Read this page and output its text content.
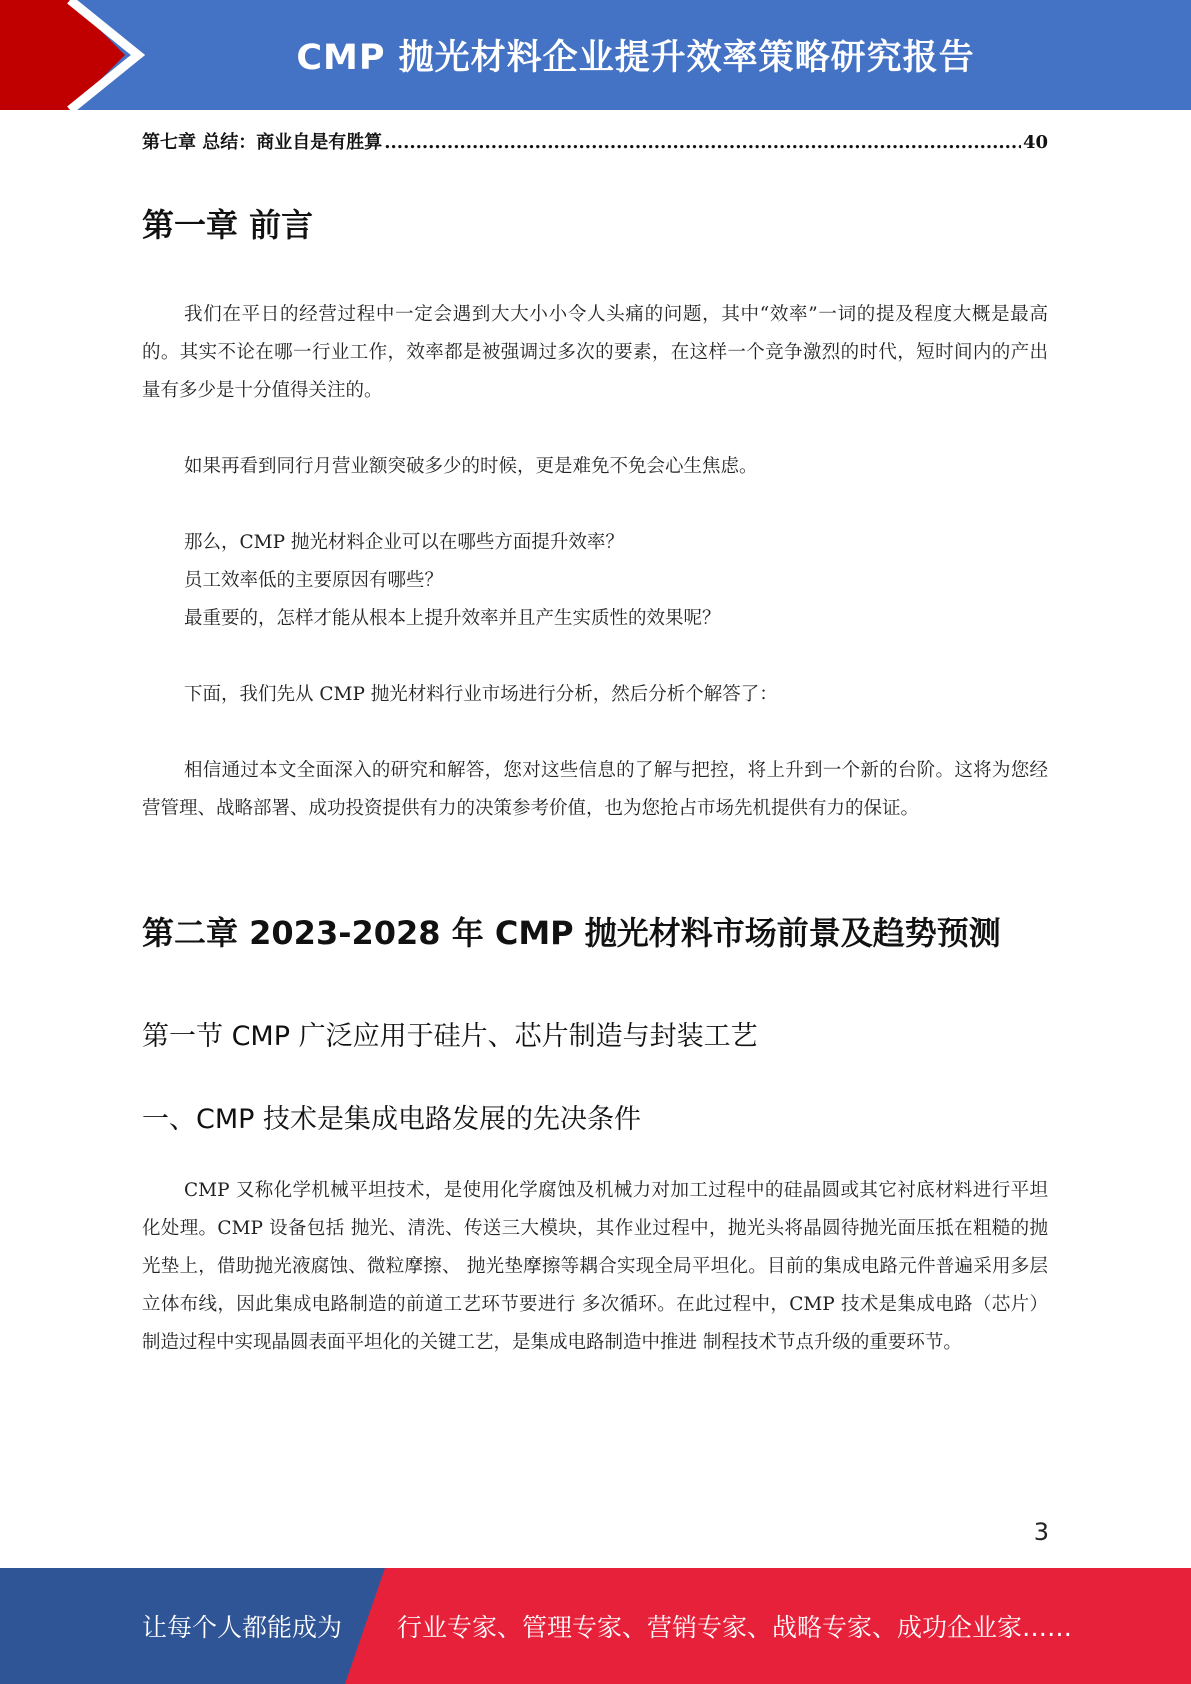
CMP 抛光材料企业提升效率策略研究报告
第七章 总结：商业自是有胜算
.....	40
第一章 前言

我们在平日的经营过程中一定会遇到大大小小令人头痛的问题，其中“效率”一词的提及程度大概是最高的。其实不论在哪一行业工作，效率都是被强调过多次的要素，在这样一个竞争激烈的时代，短时间内的产出量有多少是十分值得关注的。

如果再看到同行月营业额突破多少的时候，更是难免不免会心生焦虑。

那么，CMP 抛光材料企业可以在哪些方面提升效率？
员工效率低的主要原因有哪些？
最重要的，怎样才能从根本上提升效率并且产生实质性的效果呢？

下面，我们先从 CMP 抛光材料行业市场进行分析，然后分析个解答了：

相信通过本文全面深入的研究和解答，您对这些信息的了解与把控，将上升到一个新的台阶。这将为您经营管理、战略部署、成功投资提供有力的决策参考价值，也为您抢占市场先机提供有力的保证。

第二章 2023-2028 年 CMP 抛光材料市场前景及趋势预测
第一节 CMP 广泛应用于硅片、芯片制造与封装工艺
一、CMP 技术是集成电路发展的先决条件

CMP 又称化学机械平坦技术，是使用化学腐蚀及机械力对加工过程中的硅晶圆或其它衬底材料进行平坦化处理。CMP 设备包括 抛光、清洗、传送三大模块，其作业过程中，抛光头将晶圆待抛光面压抵在粗糙的抛光垫上，借助抛光液腐蚀、微粒摩擦、 抛光垫摩擦等耦合实现全局平坦化。目前的集成电路元件普遍采用多层立体布线，因此集成电路制造的前道工艺环节要进行 多次循环。在此过程中，CMP 技术是集成电路（芯片）制造过程中实现晶圆表面平坦化的关键工艺，是集成电路制造中推进 制程技术节点升级的重要环节。

3
让每个人都能成为 行业专家、管理专家、营销专家、战略专家、成功企业家……
